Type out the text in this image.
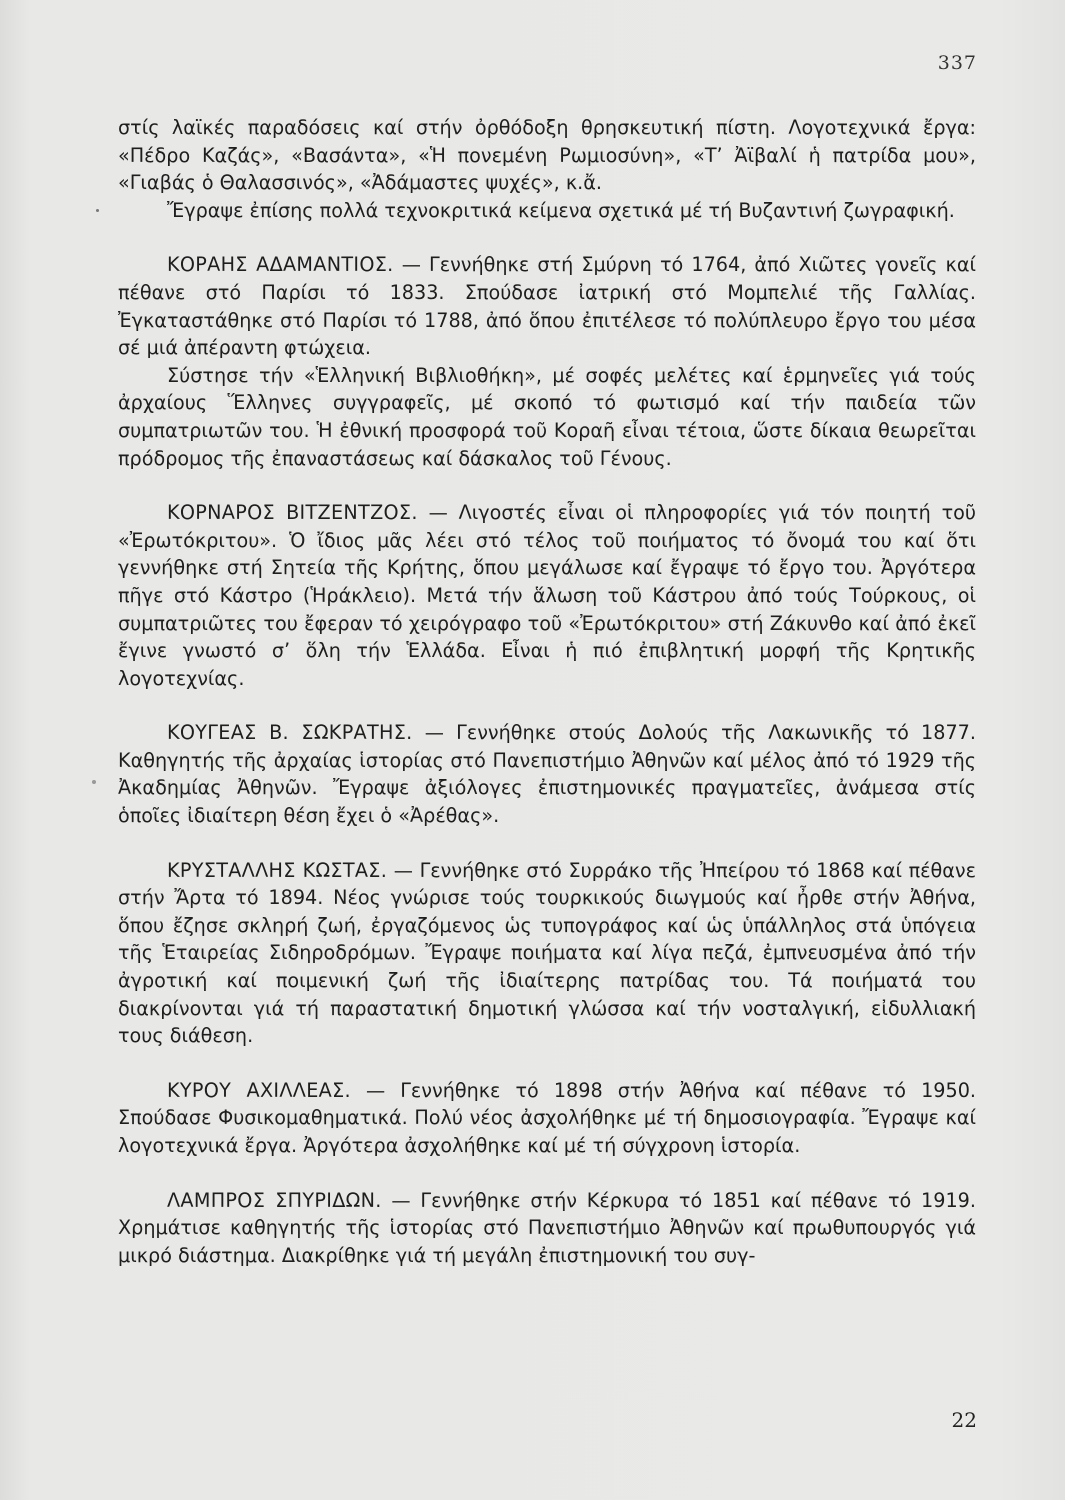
337

στίς λαϊκές παραδόσεις καί στήν ὀρθόδοξη θρησκευτική πίστη. Λογοτεχνικά ἔργα: «Πέδρο Καζάς», «Βασάντα», «Ἡ πονεμένη Ρωμιοσύνη», «Τ’ Ἀϊβαλί ἡ πατρίδα μου», «Γιαβάς ὁ Θαλασσινός», «Ἀδάμαστες ψυχές», κ.ἄ.

Ἔγραψε ἐπίσης πολλά τεχνοκριτικά κείμενα σχετικά μέ τή Βυζαντινή ζωγραφική.

ΚΟΡΑΗΣ ΑΔΑΜΑΝΤΙΟΣ. — Γεννήθηκε στή Σμύρνη τό 1764, ἀπό Χιῶτες γονεῖς καί πέθανε στό Παρίσι τό 1833. Σπούδασε ἰατρική στό Μομπελιέ τῆς Γαλλίας. Ἐγκαταστάθηκε στό Παρίσι τό 1788, ἀπό ὅπου ἐπιτέλεσε τό πολύπλευρο ἔργο του μέσα σέ μιά ἀπέραντη φτώχεια.

Σύστησε τήν «Ἑλληνική Βιβλιοθήκη», μέ σοφές μελέτες καί ἑρμηνεῖες γιά τούς ἀρχαίους Ἕλληνες συγγραφεῖς, μέ σκοπό τό φωτισμό καί τήν παιδεία τῶν συμπατριωτῶν του. Ἡ ἐθνική προσφορά τοῦ Κοραῆ εἶναι τέτοια, ὥστε δίκαια θεωρεῖται πρόδρομος τῆς ἐπαναστάσεως καί δάσκαλος τοῦ Γένους.

ΚΟΡΝΑΡΟΣ ΒΙΤΖΕΝΤΖΟΣ. — Λιγοστές εἶναι οἱ πληροφορίες γιά τόν ποιητή τοῦ «Ἐρωτόκριτου». Ὁ ἴδιος μᾶς λέει στό τέλος τοῦ ποιήματος τό ὄνομά του καί ὅτι γεννήθηκε στή Σητεία τῆς Κρήτης, ὅπου μεγάλωσε καί ἔγραψε τό ἔργο του. Ἀργότερα πῆγε στό Κάστρο (Ἡράκλειο). Μετά τήν ἅλωση τοῦ Κάστρου ἀπό τούς Τούρκους, οἱ συμπατριῶτες του ἔφεραν τό χειρόγραφο τοῦ «Ἐρωτόκριτου» στή Ζάκυνθο καί ἀπό ἐκεῖ ἔγινε γνωστό σ’ ὅλη τήν Ἑλλάδα. Εἶναι ἡ πιό ἐπιβλητική μορφή τῆς Κρητικῆς λογοτεχνίας.

ΚΟΥΓΕΑΣ Β. ΣΩΚΡΑΤΗΣ. — Γεννήθηκε στούς Δολούς τῆς Λακωνικῆς τό 1877. Καθηγητής τῆς ἀρχαίας ἱστορίας στό Πανεπιστήμιο Ἀθηνῶν καί μέλος ἀπό τό 1929 τῆς Ἀκαδημίας Ἀθηνῶν. Ἔγραψε ἀξιόλογες ἐπιστημονικές πραγματεῖες, ἀνάμεσα στίς ὁποῖες ἰδιαίτερη θέση ἔχει ὁ «Ἀρέθας».

ΚΡΥΣΤΑΛΛΗΣ ΚΩΣΤΑΣ. — Γεννήθηκε στό Συρράκο τῆς Ἠπείρου τό 1868 καί πέθανε στήν Ἄρτα τό 1894. Νέος γνώρισε τούς τουρκικούς διωγμούς καί ἦρθε στήν Ἀθήνα, ὅπου ἔζησε σκληρή ζωή, ἐργαζόμενος ὡς τυπογράφος καί ὡς ὑπάλληλος στά ὑπόγεια τῆς Ἑταιρείας Σιδηροδρόμων. Ἔγραψε ποιήματα καί λίγα πεζά, ἐμπνευσμένα ἀπό τήν ἀγροτική καί ποιμενική ζωή τῆς ἰδιαίτερης πατρίδας του. Τά ποιήματά του διακρίνονται γιά τή παραστατική δημοτική γλώσσα καί τήν νοσταλγική, εἰδυλλιακή τους διάθεση.

ΚΥΡΟΥ ΑΧΙΛΛΕΑΣ. — Γεννήθηκε τό 1898 στήν Ἀθήνα καί πέθανε τό 1950. Σπούδασε Φυσικομαθηματικά. Πολύ νέος ἀσχολήθηκε μέ τή δημοσιογραφία. Ἔγραψε καί λογοτεχνικά ἔργα. Ἀργότερα ἀσχολήθηκε καί μέ τή σύγχρονη ἱστορία.

ΛΑΜΠΡΟΣ ΣΠΥΡΙΔΩΝ. — Γεννήθηκε στήν Κέρκυρα τό 1851 καί πέθανε τό 1919. Χρημάτισε καθηγητής τῆς ἱστορίας στό Πανεπιστήμιο Ἀθηνῶν καί πρωθυπουργός γιά μικρό διάστημα. Διακρίθηκε γιά τή μεγάλη ἐπιστημονική του συγ-

22
